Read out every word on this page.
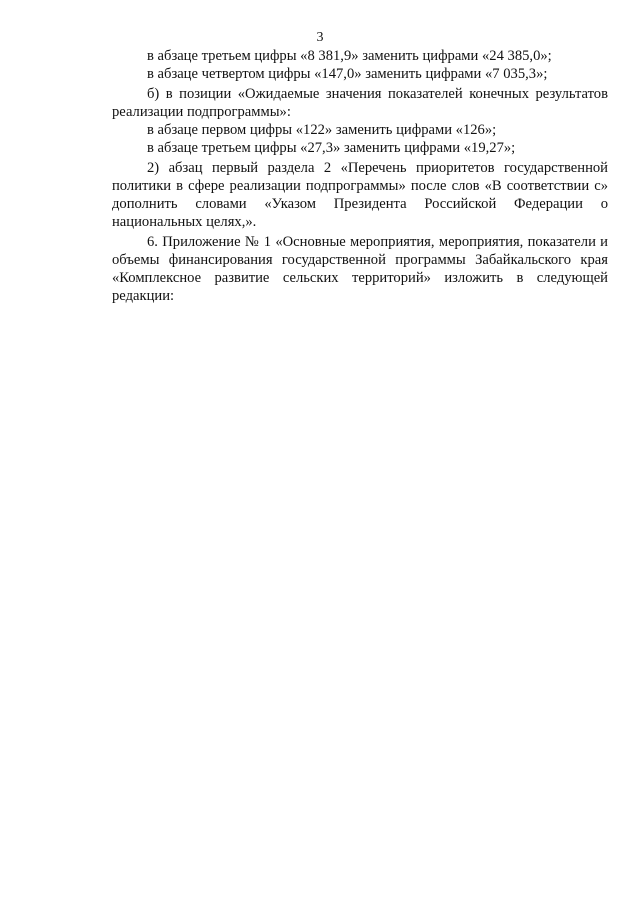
3

в абзаце третьем цифры «8 381,9» заменить цифрами «24 385,0»;

в абзаце четвертом цифры «147,0» заменить цифрами «7 035,3»;

б) в позиции «Ожидаемые значения показателей конечных результатов реализации подпрограммы»:

в абзаце первом цифры «122» заменить цифрами «126»;

в абзаце третьем цифры «27,3» заменить цифрами «19,27»;

2) абзац первый раздела 2 «Перечень приоритетов государственной политики в сфере реализации подпрограммы» после слов «В соответствии с» дополнить словами «Указом Президента Российской Федерации о национальных целях,».

6. Приложение № 1 «Основные мероприятия, мероприятия, показатели и объемы финансирования государственной программы Забайкальского края «Комплексное развитие сельских территорий» изложить в следующей редакции:
